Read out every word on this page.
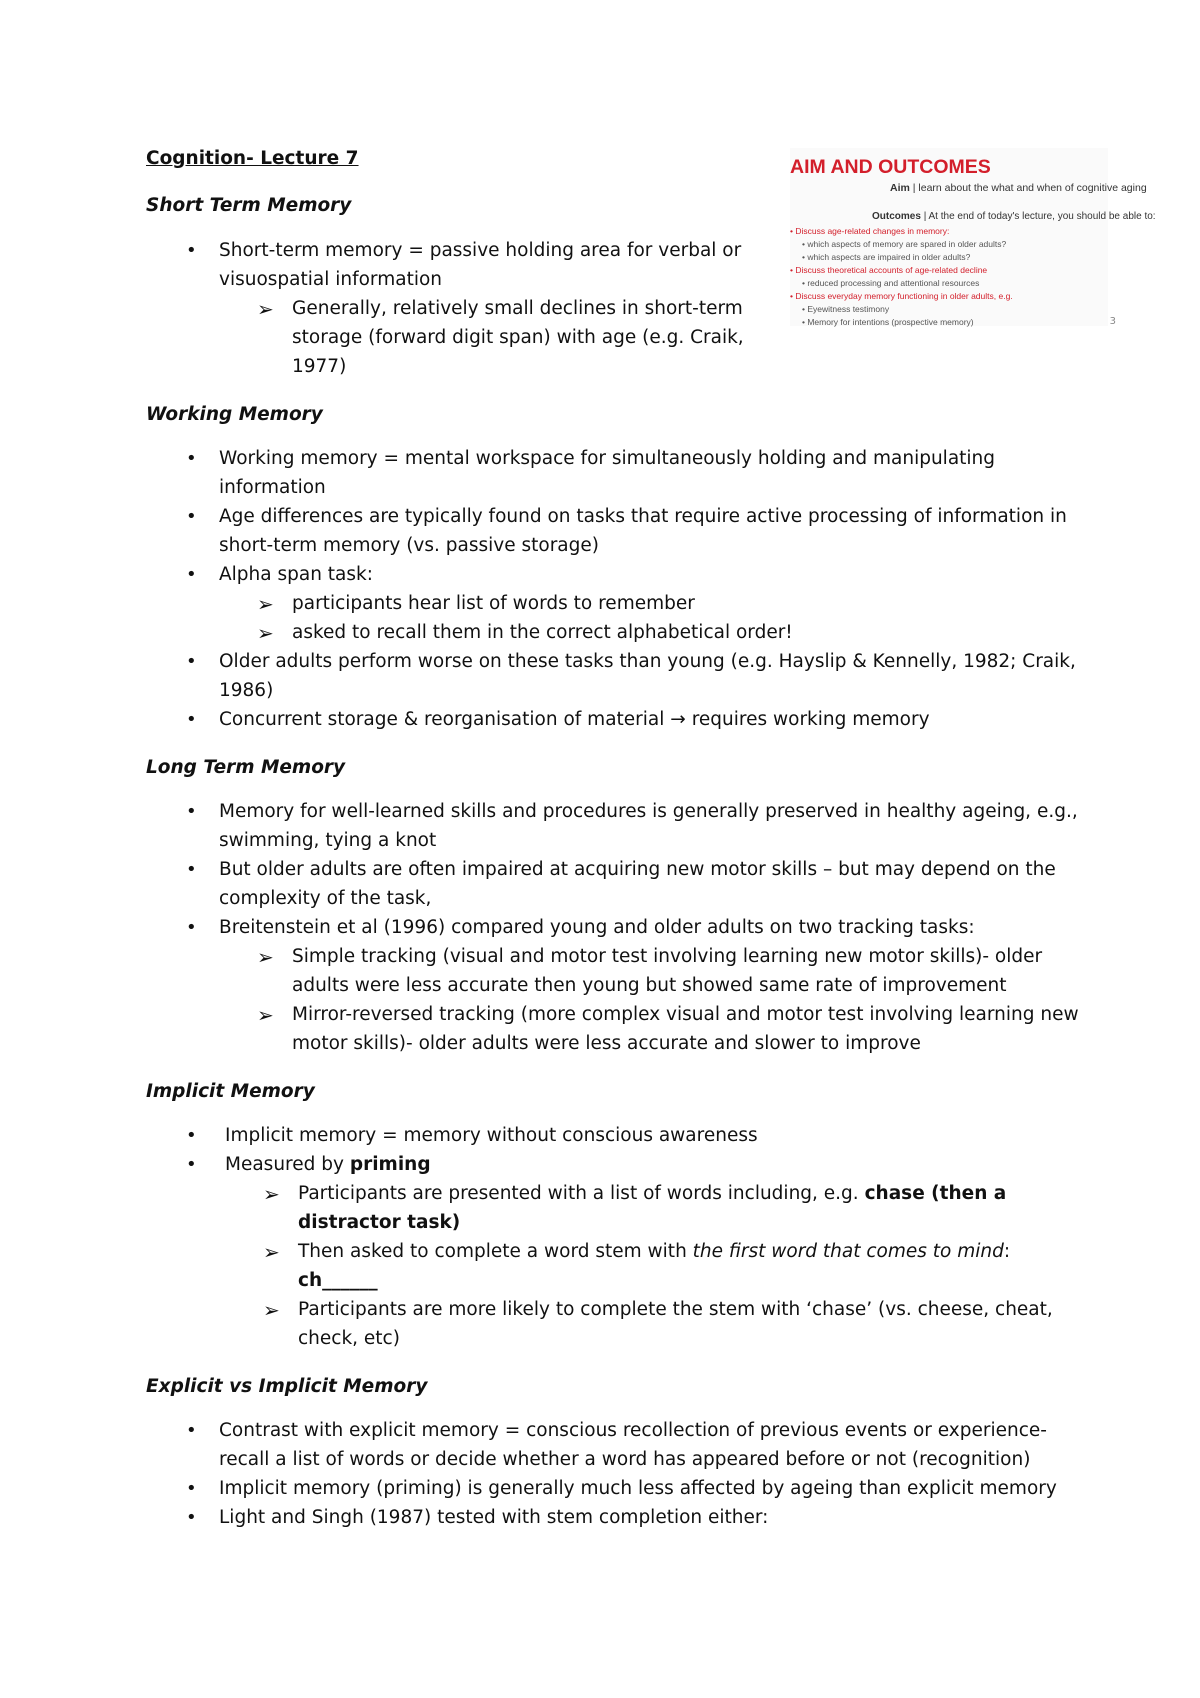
Cognition- Lecture 7	AIM AND OUTCOMES
Aim | learn about the what and when of cognitive aging
Outcomes | At the end of today's lecture, you should be able to:
• Discuss age-related changes in memory:
• which aspects of memory are spared in older adults?
• which aspects are impaired in older adults?
• Discuss theoretical accounts of age-related decline
• reduced processing and attentional resources
• Discuss everyday memory functioning in older adults, e.g.
• Eyewitness testimony
• Memory for intentions (prospective memory)	3
Short Term Memory
• Short-term memory = passive holding area for verbal or
visuospatial information
➢ Generally, relatively small declines in short-term
storage (forward digit span) with age (e.g. Craik,
1977)
Working Memory
• Working memory = mental workspace for simultaneously holding and manipulating
information
• Age differences are typically found on tasks that require active processing of information in
short-term memory (vs. passive storage)
• Alpha span task:
➢ participants hear list of words to remember
➢ asked to recall them in the correct alphabetical order!
• Older adults perform worse on these tasks than young (e.g. Hayslip & Kennelly, 1982; Craik,
1986)
• Concurrent storage & reorganisation of material → requires working memory
Long Term Memory
• Memory for well-learned skills and procedures is generally preserved in healthy ageing, e.g.,
swimming, tying a knot
• But older adults are often impaired at acquiring new motor skills – but may depend on the
complexity of the task,
• Breitenstein et al (1996) compared young and older adults on two tracking tasks:
➢ Simple tracking (visual and motor test involving learning new motor skills)- older
adults were less accurate then young but showed same rate of improvement
➢ Mirror-reversed tracking (more complex visual and motor test involving learning new
motor skills)- older adults were less accurate and slower to improve
Implicit Memory
• Implicit memory = memory without conscious awareness
• Measured by priming
➢ Participants are presented with a list of words including, e.g. chase (then a
distractor task)
➢ Then asked to complete a word stem with the first word that comes to mind:
ch______
➢ Participants are more likely to complete the stem with ‘chase’ (vs. cheese, cheat,
check, etc)
Explicit vs Implicit Memory
• Contrast with explicit memory = conscious recollection of previous events or experience-
recall a list of words or decide whether a word has appeared before or not (recognition)
• Implicit memory (priming) is generally much less affected by ageing than explicit memory
• Light and Singh (1987) tested with stem completion either:
